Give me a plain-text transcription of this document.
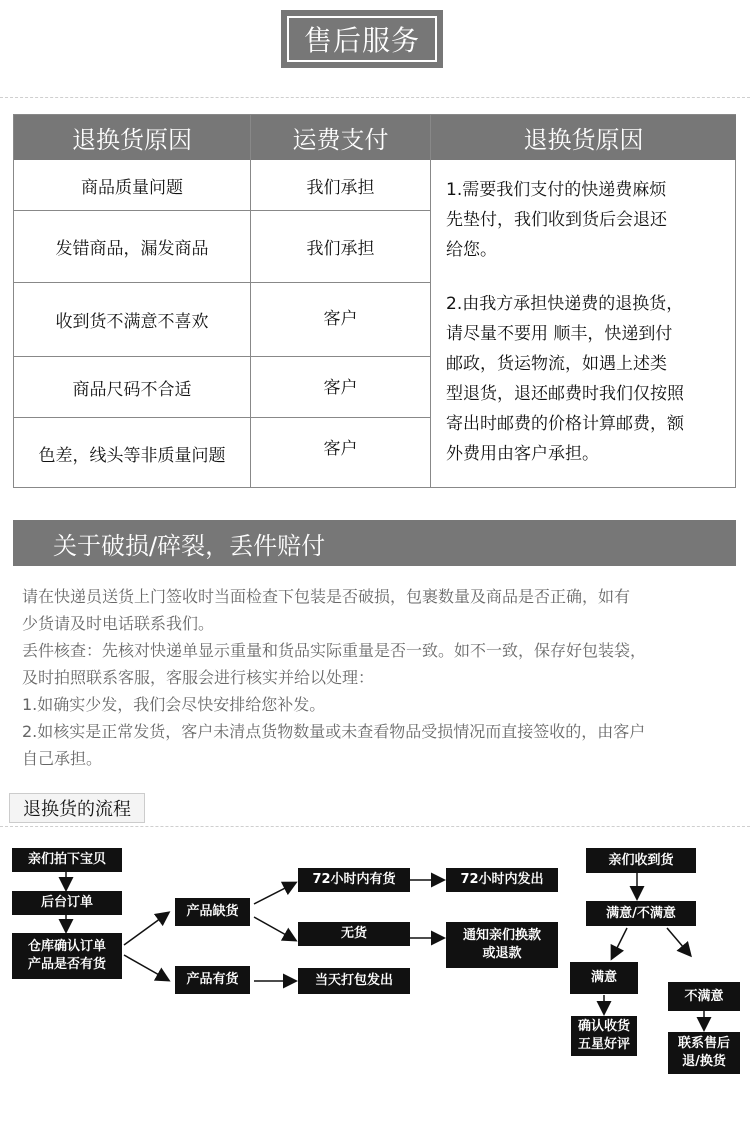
售后服务
退换货原因	运费支付	退换货原因
商品质量问题	我们承担
发错商品，漏发商品	我们承担
收到货不满意不喜欢	客户
商品尺码不合适	客户
色差，线头等非质量问题	客户
1.需要我们支付的快递费麻烦
先垫付，我们收到货后会退还
给您。
2.由我方承担快递费的退换货，
请尽量不要用 顺丰，快递到付
邮政，货运物流，如遇上述类
型退货，退还邮费时我们仅按照
寄出时邮费的价格计算邮费，额
外费用由客户承担。
关于破损/碎裂，丢件赔付
请在快递员送货上门签收时当面检查下包装是否破损，包裹数量及商品是否正确，如有
少货请及时电话联系我们。
丢件核查：先核对快递单显示重量和货品实际重量是否一致。如不一致，保存好包装袋，
及时拍照联系客服，客服会进行核实并给以处理：
1.如确实少发，我们会尽快安排给您补发。
2.如核实是正常发货，客户未清点货物数量或未查看物品受损情况而直接签收的，由客户
自己承担。
退换货的流程
亲们拍下宝贝
后台订单
仓库确认订单
产品是否有货
产品缺货
产品有货
72小时内有货
无货
当天打包发出
72小时内发出
通知亲们换款
或退款
亲们收到货
满意/不满意
满意
确认收货
五星好评
不满意
联系售后
退/换货
